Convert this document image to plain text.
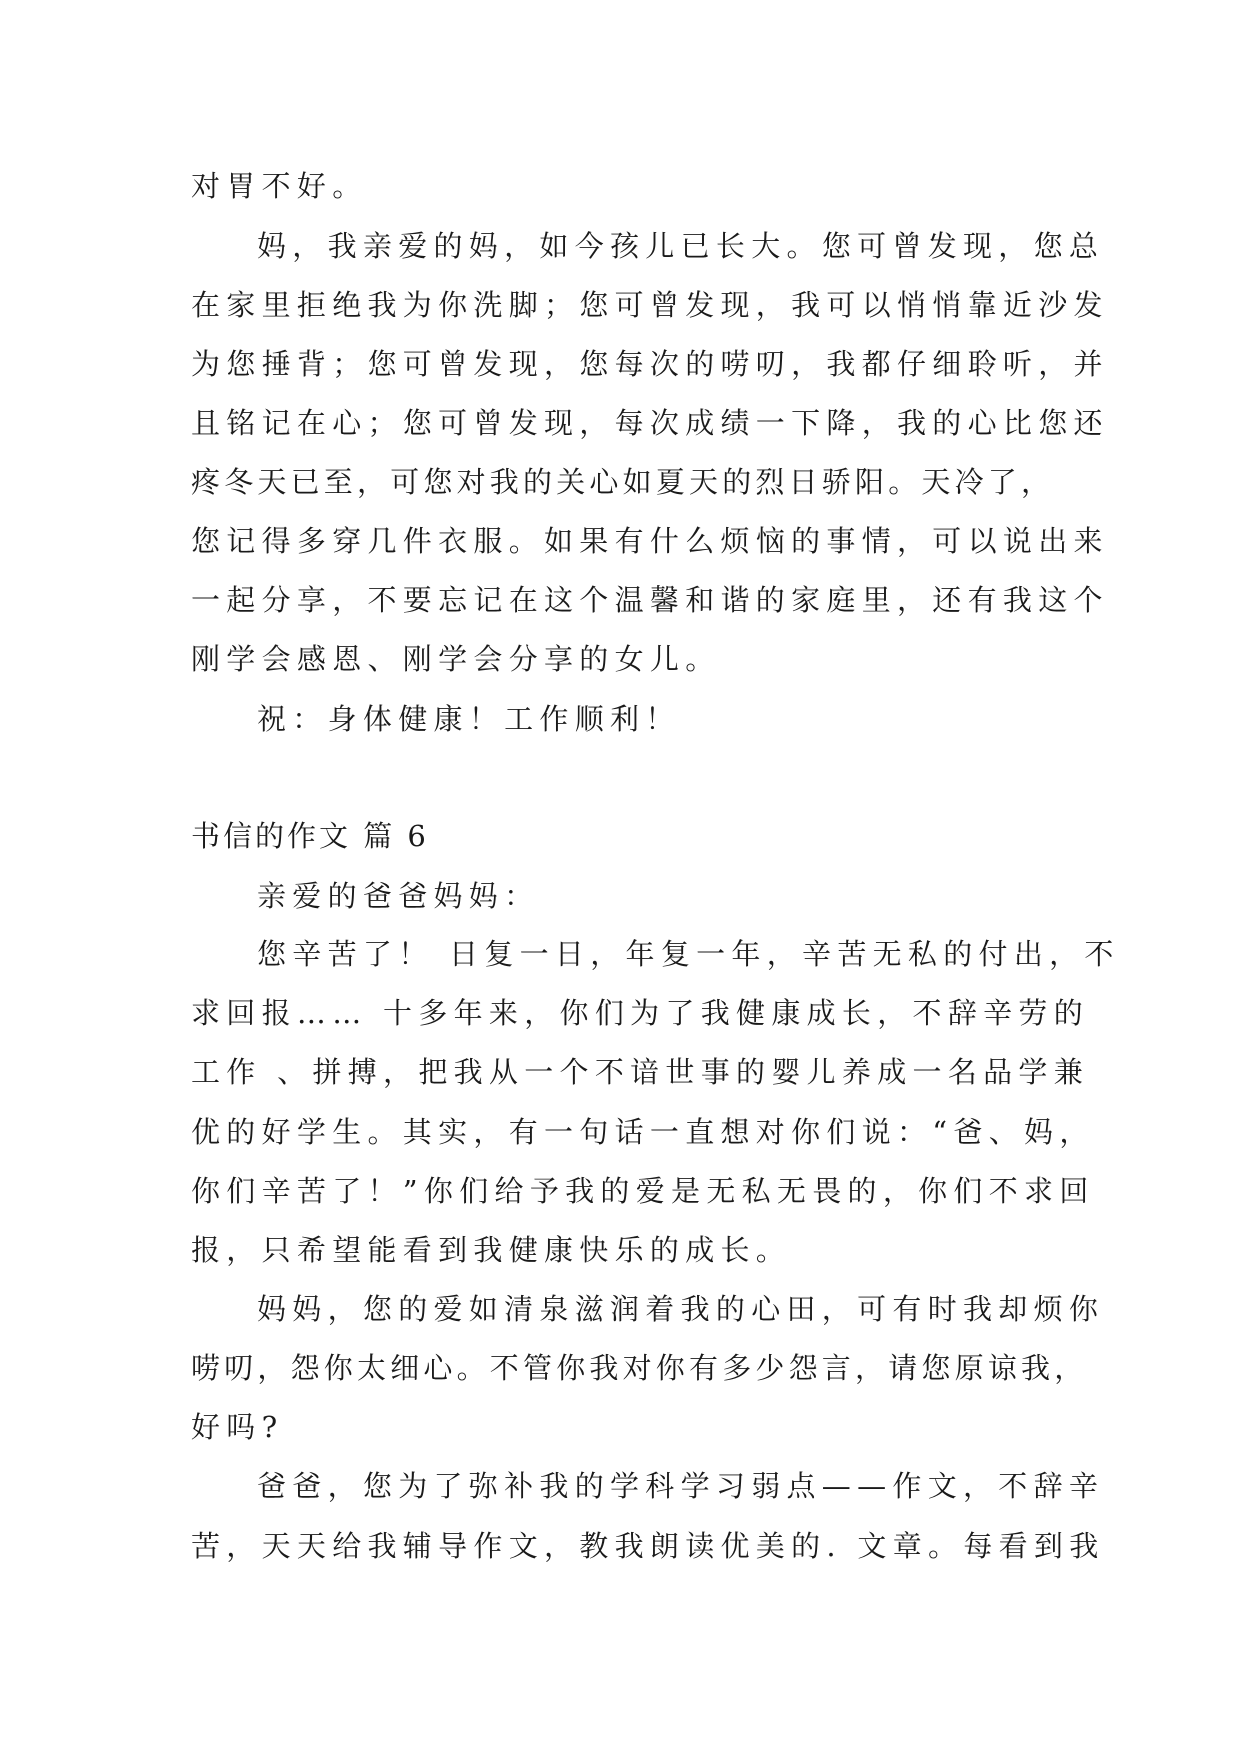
对胃不好。
妈，我亲爱的妈，如今孩儿已长大。您可曾发现，您总
在家里拒绝我为你洗脚；您可曾发现，我可以悄悄靠近沙发
为您捶背；您可曾发现，您每次的唠叨，我都仔细聆听，并
且铭记在心；您可曾发现，每次成绩一下降，我的心比您还
疼冬天已至，可您对我的关心如夏天的烈日骄阳。天冷了，
您记得多穿几件衣服。如果有什么烦恼的事情，可以说出来
一起分享，不要忘记在这个温馨和谐的家庭里，还有我这个
刚学会感恩、刚学会分享的女儿。
祝：身体健康！工作顺利！
书信的作文 篇 6
亲爱的爸爸妈妈：
您辛苦了！ 日复一日，年复一年，辛苦无私的付出，不
求回报…… 十多年来，你们为了我健康成长，不辞辛劳的
工作 、拼搏，把我从一个不谙世事的婴儿养成一名品学兼
优的好学生。其实，有一句话一直想对你们说：“爸、妈，
你们辛苦了！”你们给予我的爱是无私无畏的，你们不求回
报，只希望能看到我健康快乐的成长。
妈妈，您的爱如清泉滋润着我的心田，可有时我却烦你
唠叨，怨你太细心。不管你我对你有多少怨言，请您原谅我，
好吗?
爸爸，您为了弥补我的学科学习弱点——作文，不辞辛
苦，天天给我辅导作文，教我朗读优美的. 文章。每看到我
